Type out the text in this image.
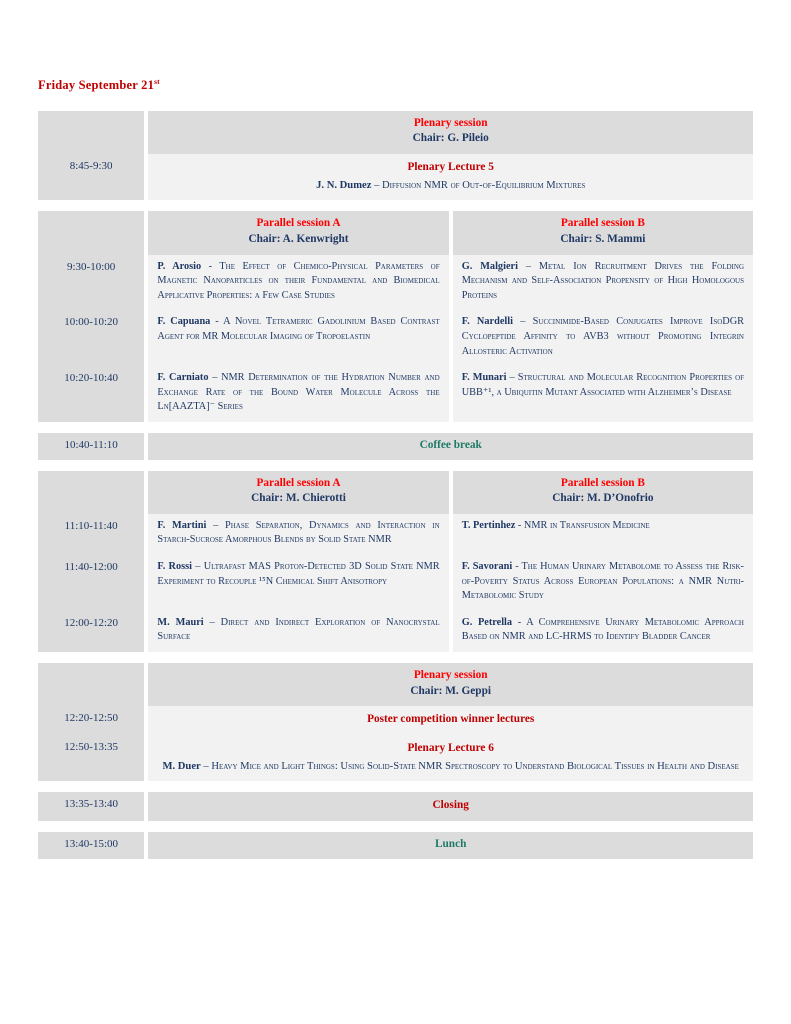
Friday September 21st

		Plenary session
Chair: G. Pileio

8:45-9:30		Plenary Lecture 5
J. N. Dumez – Diffusion NMR of Out-of-Equilibrium Mixtures

Parallel session A
Chair: A. Kenwright

Parallel session B
Chair: S. Mammi

9:30-10:00		P. Arosio - The Effect of Chemico-Physical Parameters of Magnetic Nanoparticles on their Fundamental and Biomedical Applicative Properties: a Few Case Studies		G. Malgieri – Metal Ion Recruitment Drives the Folding Mechanism and Self-Association Propensity of High Homologous Proteins
10:00-10:20		F. Capuana - A Novel Tetrameric Gadolinium Based Contrast Agent for MR Molecular Imaging of Tropoelastin		F. Nardelli – Succinimide-Based Conjugates Improve IsoDGR Cyclopeptide Affinity to AVB3 without Promoting Integrin Allosteric Activation
10:20-10:40		F. Carniato – NMR Determination of the Hydration Number and Exchange Rate of the Bound Water Molecule Across the Ln[AAZTA]⁻ Series		F. Munari – Structural and Molecular Recognition Properties of UBB⁺¹, a Ubiquitin Mutant Associated with Alzheimer’s Disease
10:40-11:10		Coffee break

Parallel session A
Chair: M. Chierotti

Parallel session B
Chair: M. D’Onofrio

11:10-11:40		F. Martini – Phase Separation, Dynamics and Interaction in Starch-Sucrose Amorphous Blends by Solid State NMR		T. Pertinhez - NMR in Transfusion Medicine
11:40-12:00		F. Rossi – Ultrafast MAS Proton-Detected 3D Solid State NMR Experiment to Recouple ¹⁵N Chemical Shift Anisotropy		F. Savorani - The Human Urinary Metabolome to Assess the Risk-of-Poverty Status Across European Populations: a NMR Nutri-Metabolomic Study
12:00-12:20		M. Mauri – Direct and Indirect Exploration of Nanocrystal Surface		G. Petrella - A Comprehensive Urinary Metabolomic Approach Based on NMR and LC-HRMS to Identify Bladder Cancer

		Plenary session
Chair: M. Geppi

12:20-12:50		Poster competition winner lectures

12:50-13:35		Plenary Lecture 6
M. Duer – Heavy Mice and Light Things: Using Solid-State NMR Spectroscopy to Understand Biological Tissues in Health and Disease
13:35-13:40		Closing
13:40-15:00		Lunch
